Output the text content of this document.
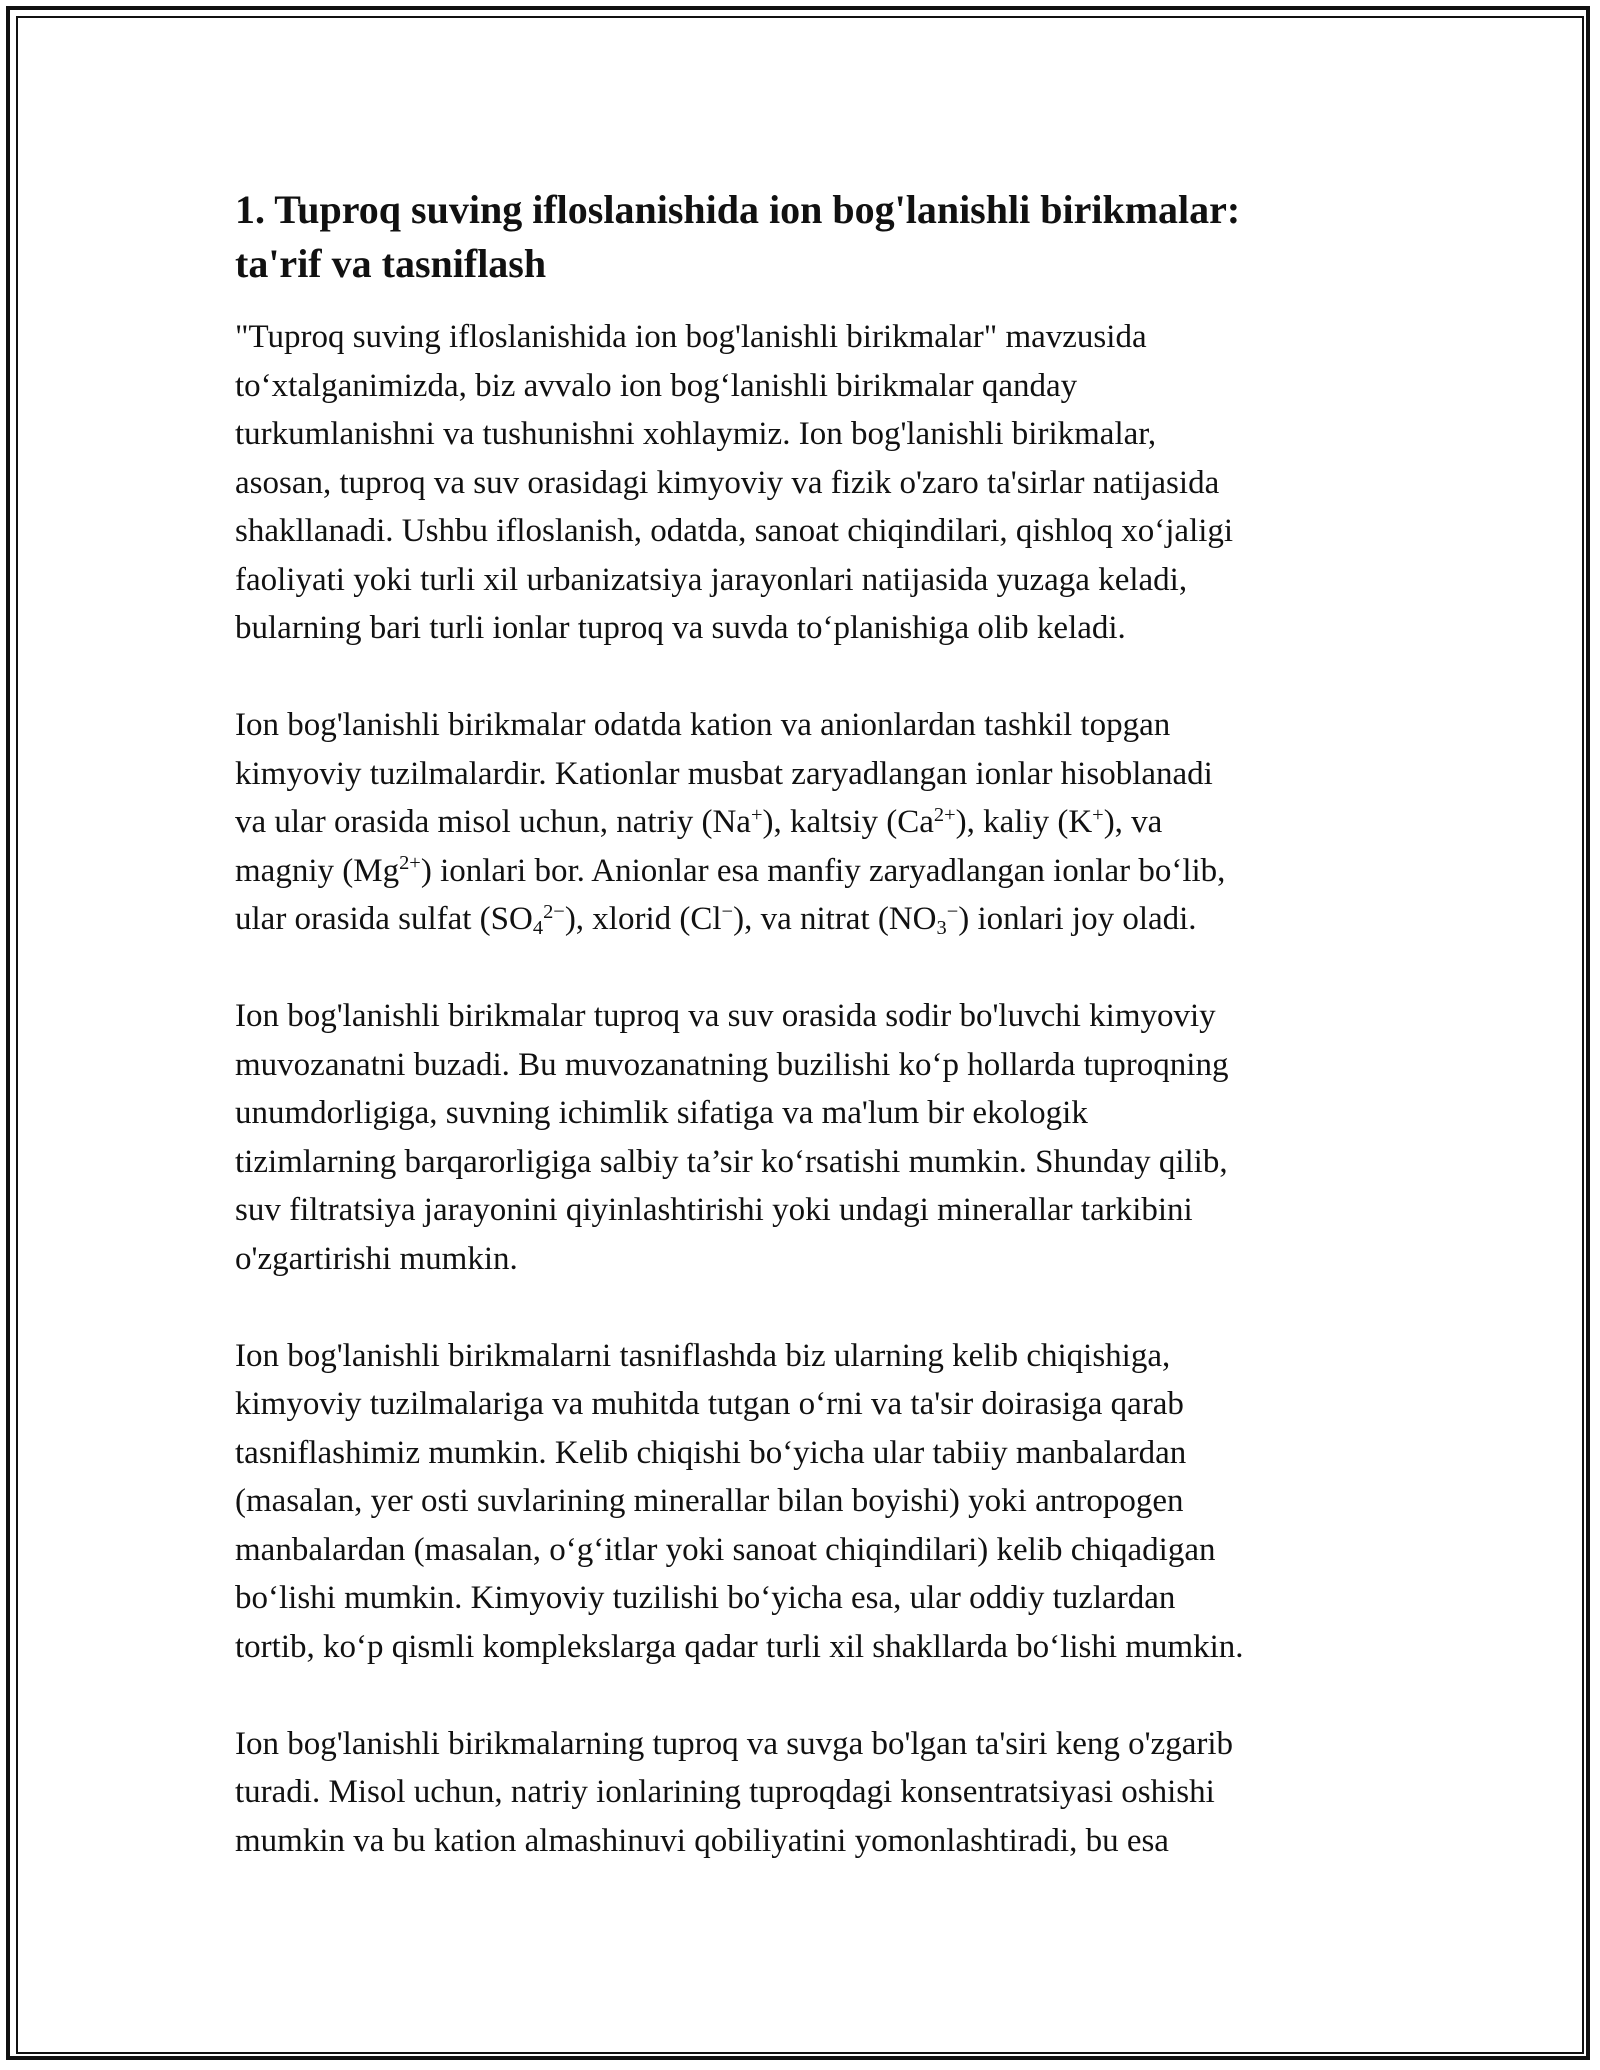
1. Tuproq suving ifloslanishida ion bog'lanishli birikmalar:
ta'rif va tasniflash
"Tuproq suving ifloslanishida ion bog'lanishli birikmalar" mavzusida
to‘xtalganimizda, biz avvalo ion bog‘lanishli birikmalar qanday
turkumlanishni va tushunishni xohlaymiz. Ion bog'lanishli birikmalar,
asosan, tuproq va suv orasidagi kimyoviy va fizik o'zaro ta'sirlar natijasida
shakllanadi. Ushbu ifloslanish, odatda, sanoat chiqindilari, qishloq xo‘jaligi
faoliyati yoki turli xil urbanizatsiya jarayonlari natijasida yuzaga keladi,
bularning bari turli ionlar tuproq va suvda to‘planishiga olib keladi.
Ion bog'lanishli birikmalar odatda kation va anionlardan tashkil topgan
kimyoviy tuzilmalardir. Kationlar musbat zaryadlangan ionlar hisoblanadi
va ular orasida misol uchun, natriy (Na+), kaltsiy $(Ca^{2+})$, kaliy (K+), va
magniy $(Mg^{2+})$ ionlari bor. Anionlar esa manfiy zaryadlangan ionlar bo‘lib,
ular orasida sulfat $(SO_4^{2-})$, xlorid (Cl−), va nitrat $(NO_3^-)$ ionlari joy oladi.
Ion bog'lanishli birikmalar tuproq va suv orasida sodir bo'luvchi kimyoviy
muvozanatni buzadi. Bu muvozanatning buzilishi ko‘p hollarda tuproqning
unumdorligiga, suvning ichimlik sifatiga va ma'lum bir ekologik
tizimlarning barqarorligiga salbiy ta’sir ko‘rsatishi mumkin. Shunday qilib,
suv filtratsiya jarayonini qiyinlashtirishi yoki undagi minerallar tarkibini
o'zgartirishi mumkin.
Ion bog'lanishli birikmalarni tasniflashda biz ularning kelib chiqishiga,
kimyoviy tuzilmalariga va muhitda tutgan o‘rni va ta'sir doirasiga qarab
tasniflashimiz mumkin. Kelib chiqishi bo‘yicha ular tabiiy manbalardan
(masalan, yer osti suvlarining minerallar bilan boyishi) yoki antropogen
manbalardan (masalan, o‘g‘itlar yoki sanoat chiqindilari) kelib chiqadigan
bo‘lishi mumkin. Kimyoviy tuzilishi bo‘yicha esa, ular oddiy tuzlardan
tortib, ko‘p qismli komplekslarga qadar turli xil shakllarda bo‘lishi mumkin.
Ion bog'lanishli birikmalarning tuproq va suvga bo'lgan ta'siri keng o'zgarib
turadi. Misol uchun, natriy ionlarining tuproqdagi konsentratsiyasi oshishi
mumkin va bu kation almashinuvi qobiliyatini yomonlashtiradi, bu esa
